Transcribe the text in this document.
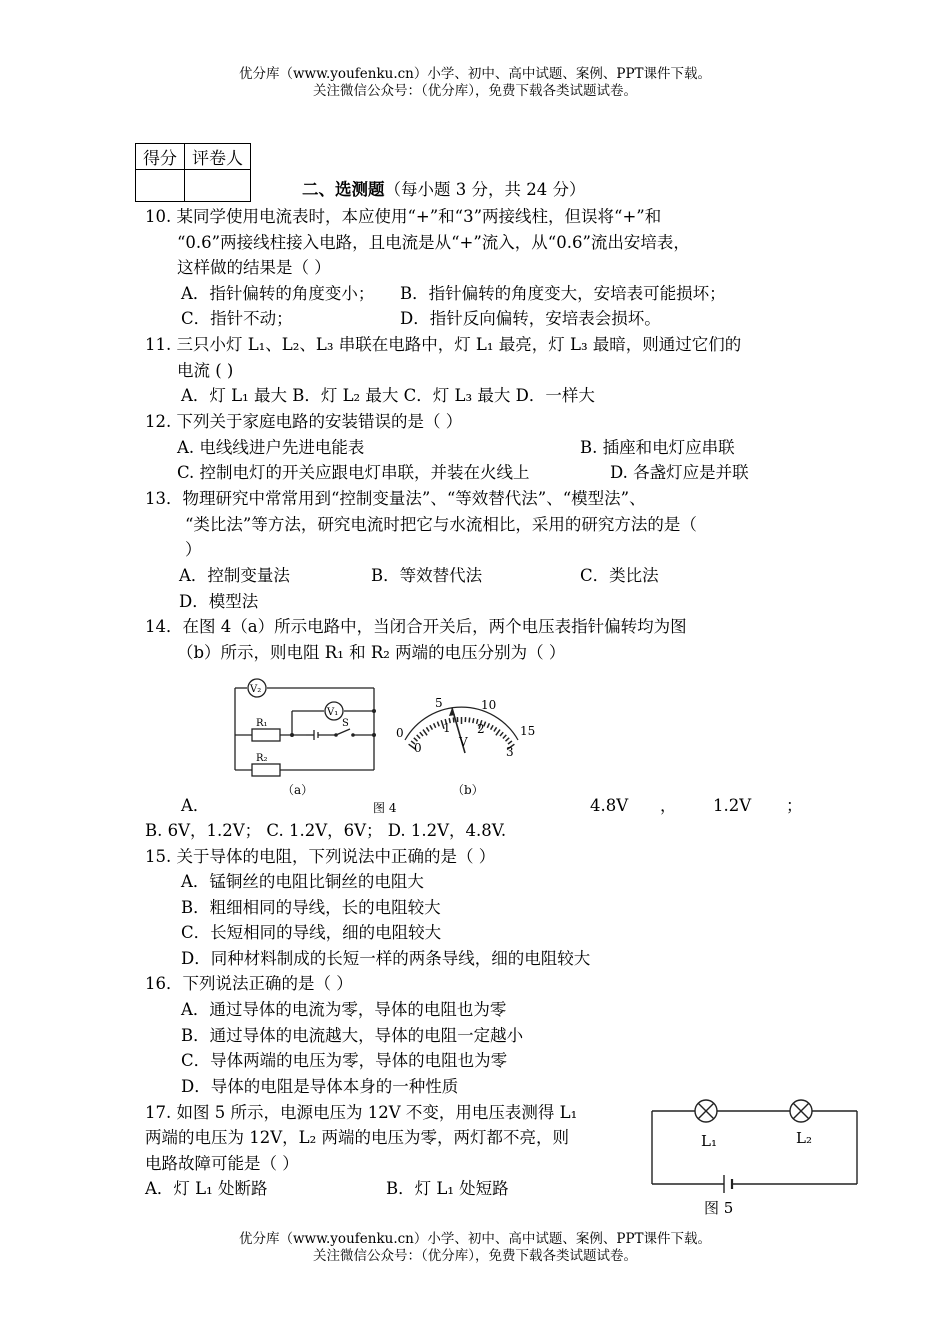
优分库（www.youfenku.cn）小学、初中、高中试题、案例、PPT课件下载。
关注微信公众号：（优分库），免费下载各类试题试卷。
得分	评卷人

二、选测题（每小题 3 分，共 24 分）
10. 某同学使用电流表时，本应使用“+”和“3”两接线柱，但误将“+”和
“0.6”两接线柱接入电路，且电流是从“+”流入，从“0.6”流出安培表，
这样做的结果是（ ）
A．指针偏转的角度变小； B．指针偏转的角度变大，安培表可能损坏；
C．指针不动；	D．指针反向偏转，安培表会损坏。
11. 三只小灯 L₁、L₂、L₃ 串联在电路中，灯 L₁ 最亮，灯 L₃ 最暗，则通过它们的
电流 ( )
A．灯 L₁ 最大 B．灯 L₂ 最大 C．灯 L₃ 最大 D．一样大
12. 下列关于家庭电路的安装错误的是（ ）
A. 电线线进户先进电能表	B. 插座和电灯应串联
C. 控制电灯的开关应跟电灯串联，并装在火线上	D. 各盏灯应是并联
13．物理研究中常常用到“控制变量法”、“等效替代法”、“模型法”、
“类比法”等方法，研究电流时把它与水流相比，采用的研究方法的是（
）
A．控制变量法	B．等效替代法	C．类比法
D．模型法
14．在图 4（a）所示电路中，当闭合开关后，两个电压表指针偏转均为图
（b）所示，则电阻 R₁ 和 R₂ 两端的电压分别为（ ）
V₂
V₁
R₁
R₂
S
（a）
0
5	10
15
0
1 2
3
V
（b）
A．	图 4	4.8V ， 1.2V ；
B. 6V，1.2V； C. 1.2V，6V； D. 1.2V，4.8V.
15. 关于导体的电阻，下列说法中正确的是（ ）
A．锰铜丝的电阻比铜丝的电阻大
B．粗细相同的导线，长的电阻较大
C．长短相同的导线，细的电阻较大
D．同种材料制成的长短一样的两条导线，细的电阻较大
16．下列说法正确的是（ ）
A．通过导体的电流为零，导体的电阻也为零
B．通过导体的电流越大，导体的电阻一定越小
C．导体两端的电压为零，导体的电阻也为零
D．导体的电阻是导体本身的一种性质
17. 如图 5 所示，电源电压为 12V 不变，用电压表测得 L₁
两端的电压为 12V，L₂ 两端的电压为零，两灯都不亮，则
电路故障可能是（ ）
A．灯 L₁ 处断路	B．灯 L₁ 处短路
L₁	L₂
图 5
优分库（www.youfenku.cn）小学、初中、高中试题、案例、PPT课件下载。
关注微信公众号：（优分库），免费下载各类试题试卷。
